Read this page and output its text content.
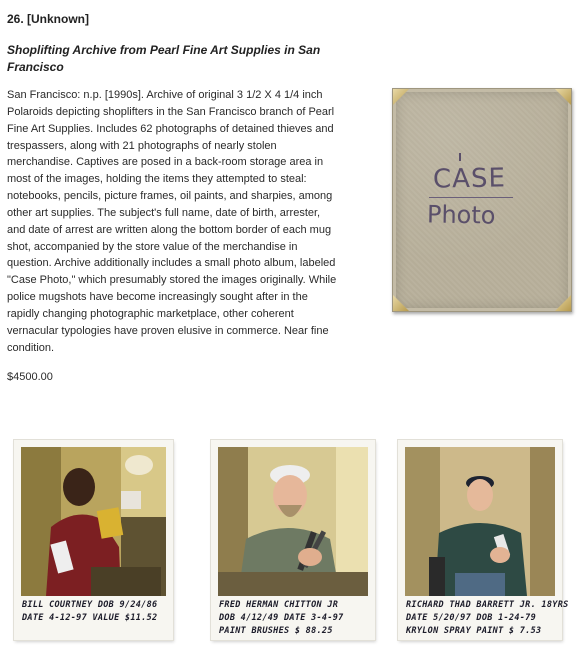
26. [Unknown]
Shoplifting Archive from Pearl Fine Art Supplies in San Francisco
San Francisco: n.p. [1990s]. Archive of original 3 1/2 X 4 1/4 inch Polaroids depicting shoplifters in the San Francisco branch of Pearl Fine Art Supplies. Includes 62 photographs of detained thieves and trespassers, along with 21 photographs of nearly stolen merchandise. Captives are posed in a back-room storage area in most of the images, holding the items they attempted to steal: notebooks, pencils, picture frames, oil paints, and sharpies, among other art supplies. The subject's full name, date of birth, arrester, and date of arrest are written along the bottom border of each mug shot, accompanied by the store value of the merchandise in question. Archive additionally includes a small photo album, labeled "Case Photo," which presumably stored the images originally. While police mugshots have become increasingly sought after in the rapidly changing photographic marketplace, other coherent vernacular typologies have proven elusive in commerce. Near fine condition.
$4500.00
CASE
Photo
BILL COURTNEY DOB 9/24/86
DATE 4-12-97 VALUE $11.52
FRED HERMAN CHITTON JR
DOB 4/12/49 DATE 3-4-97
PAINT BRUSHES $ 88.25
RICHARD THAD BARRETT JR. 18YRS
DATE 5/20/97 DOB 1-24-79
KRYLON SPRAY PAINT $ 7.53
